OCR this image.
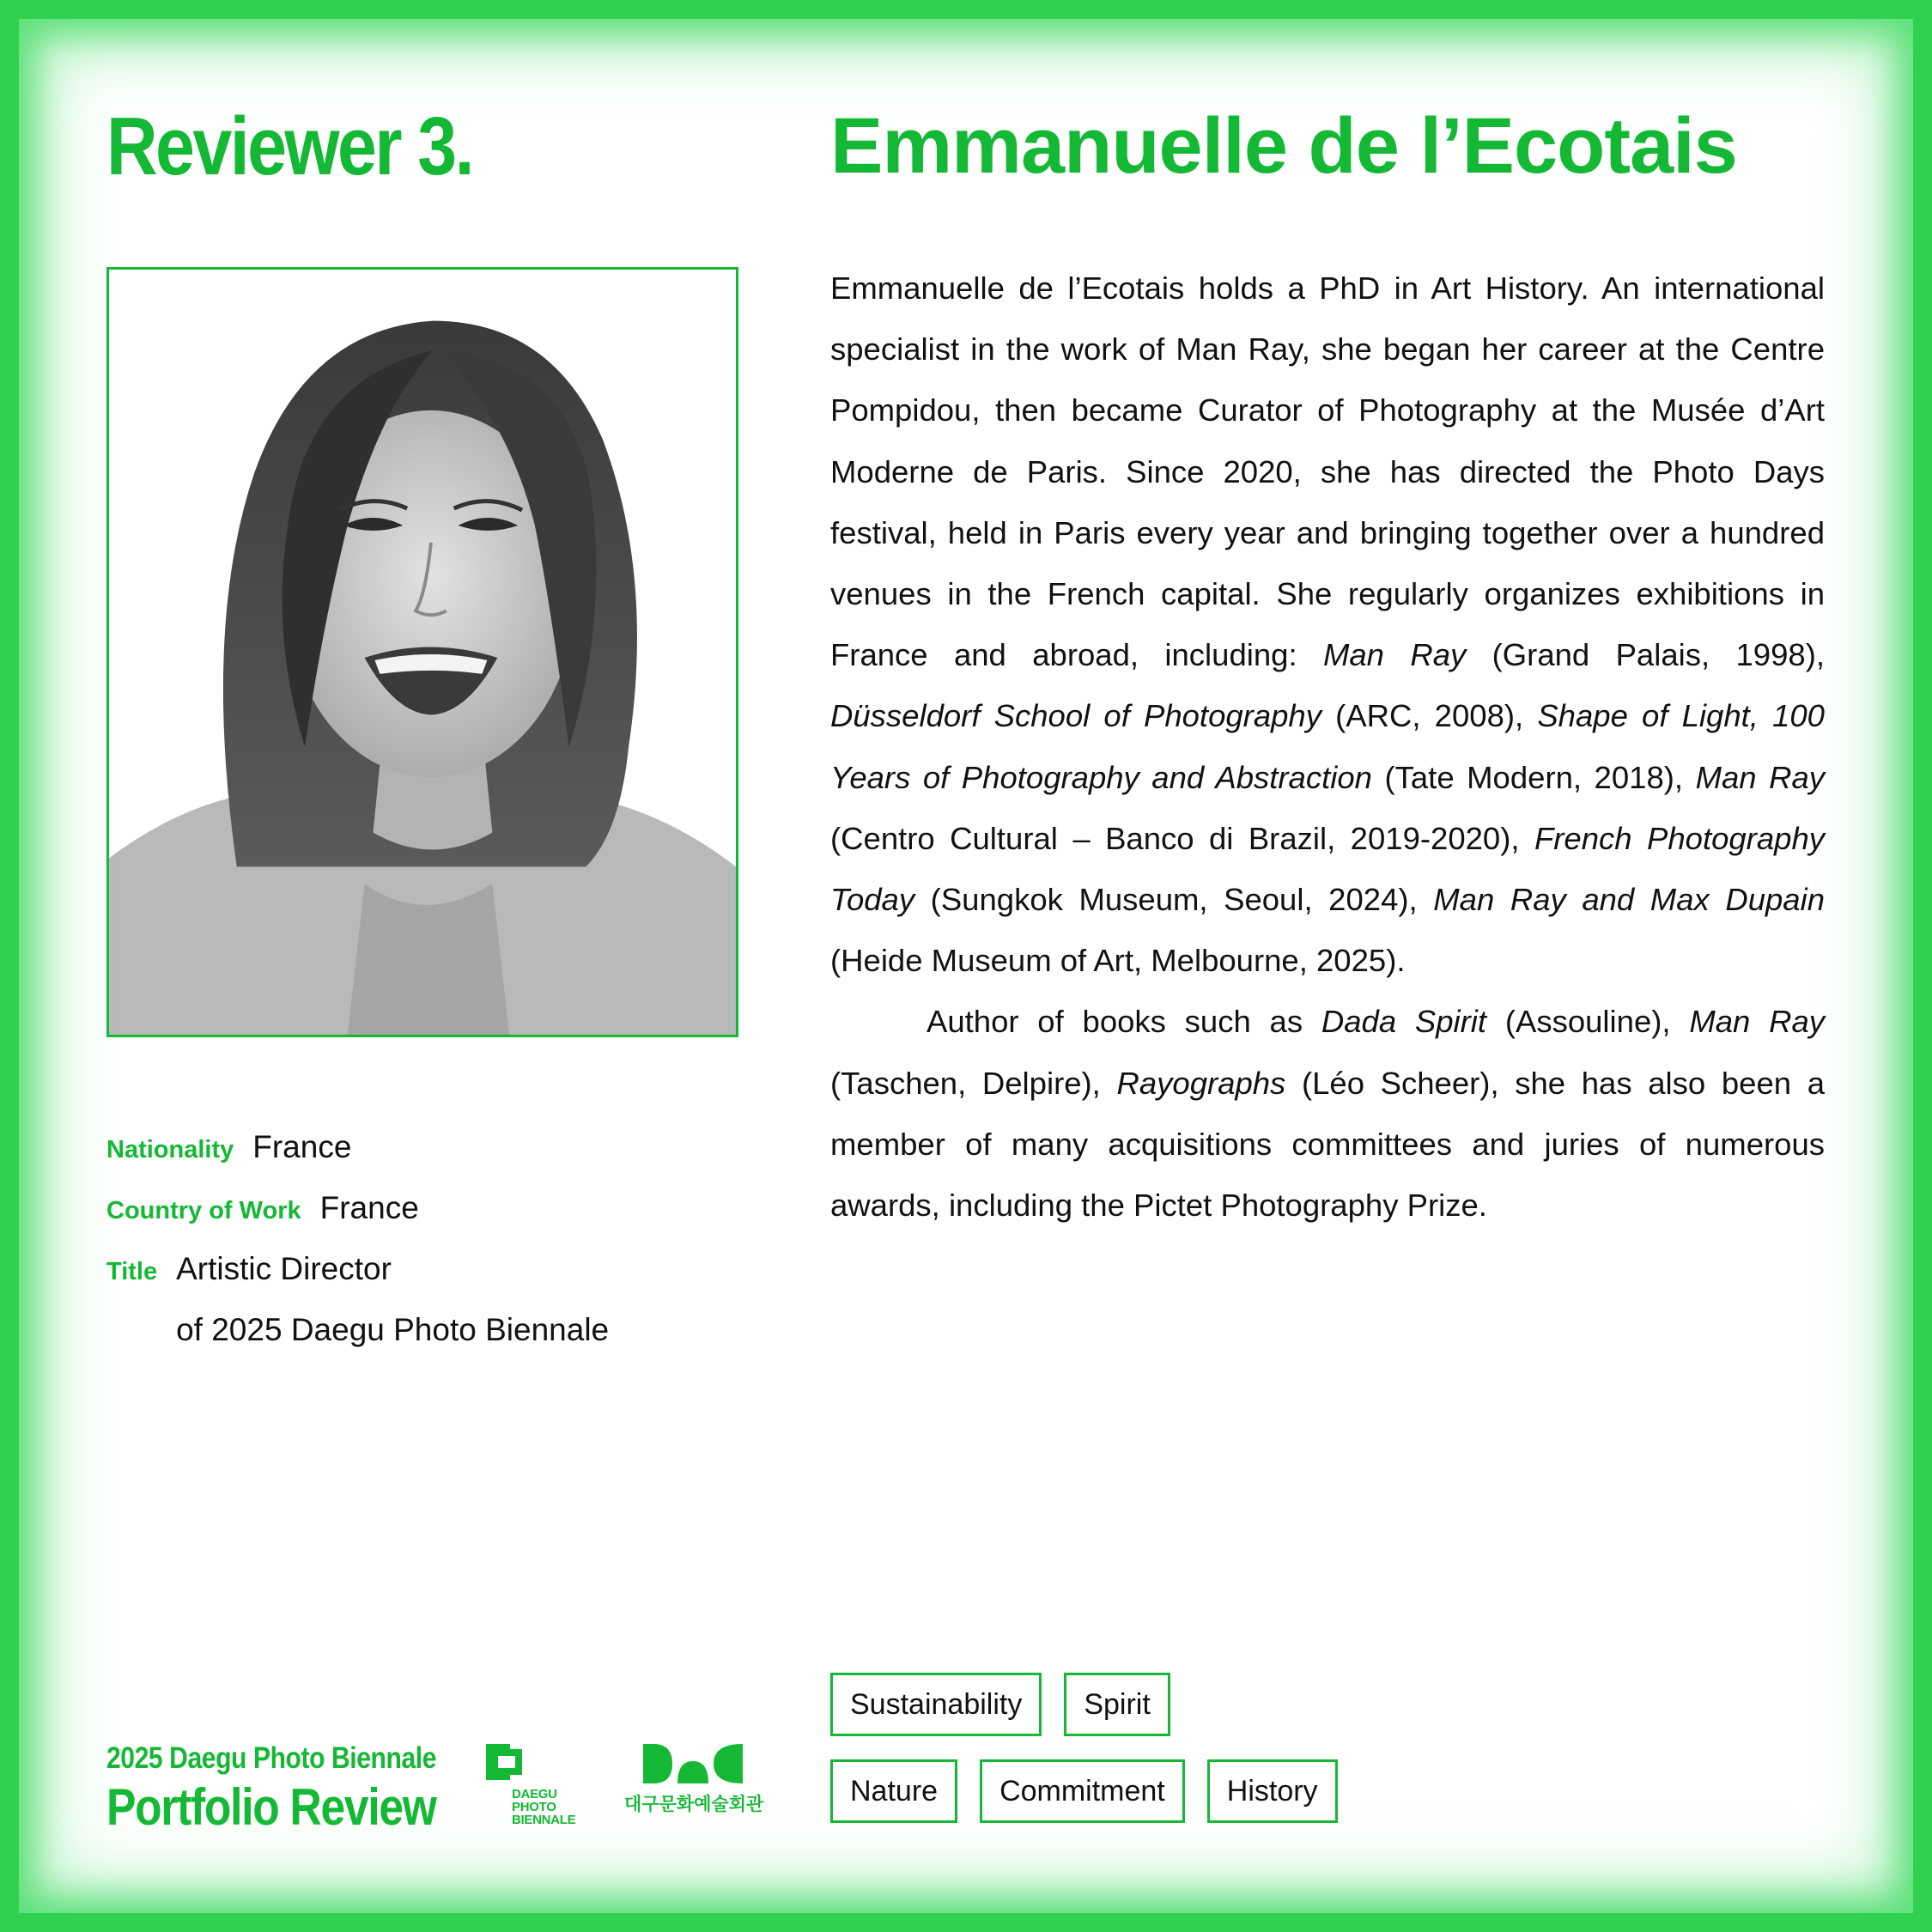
Reviewer 3.	Emmanuelle de l’Ecotais
Nationality France
Country of Work France
Title Artistic Director
of 2025 Daegu Photo Biennale

Emmanuelle de l’Ecotais holds a PhD in Art History. An international specialist in the work of Man Ray, she began her career at the Centre Pompidou, then became Curator of Photography at the Musée d’Art Moderne de Paris. Since 2020, she has directed the Photo Days festival, held in Paris every year and bringing together over a hundred venues in the French capital. She regularly organizes exhibitions in France and abroad, including: Man Ray (Grand Palais, 1998), Düsseldorf School of Photography (ARC, 2008), Shape of Light, 100 Years of Photography and Abstraction (Tate Modern, 2018), Man Ray (Centro Cultural – Banco di Brazil, 2019-2020), French Photography Today (Sungkok Museum, Seoul, 2024), Man Ray and Max Dupain (Heide Museum of Art, Melbourne, 2025).

Author of books such as Dada Spirit (Assouline), Man Ray (Taschen, Delpire), Rayographs (Léo Scheer), she has also been a member of many acquisitions committees and juries of numerous awards, including the Pictet Photography Prize.

Sustainability	Spirit
Nature	Commitment	History
2025 Daegu Photo Biennale
Portfolio Review	DAEGU
PHOTO
BIENNALE
대구문화예술회관
